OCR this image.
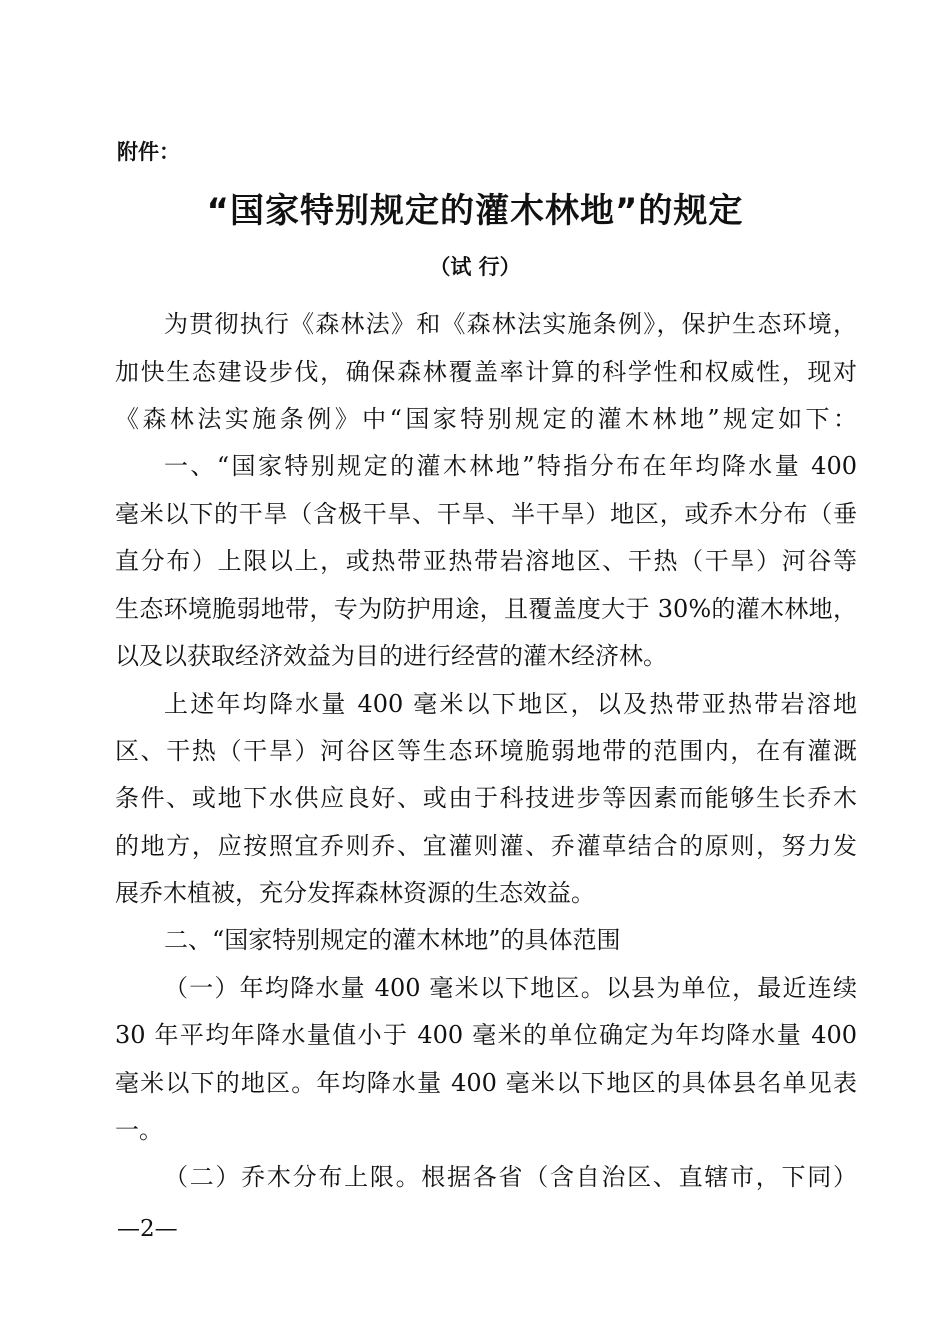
附件：
“国家特别规定的灌木林地”的规定
（试 行）
为贯彻执行《森林法》和《森林法实施条例》，保护生态环境，
加快生态建设步伐，确保森林覆盖率计算的科学性和权威性，现对
《森林法实施条例》中“国家特别规定的灌木林地”规定如下：
一、“国家特别规定的灌木林地”特指分布在年均降水量 400
毫米以下的干旱（含极干旱、干旱、半干旱）地区，或乔木分布（垂
直分布）上限以上，或热带亚热带岩溶地区、干热（干旱）河谷等
生态环境脆弱地带，专为防护用途，且覆盖度大于 30%的灌木林地，
以及以获取经济效益为目的进行经营的灌木经济林。
上述年均降水量 400 毫米以下地区，以及热带亚热带岩溶地
区、干热（干旱）河谷区等生态环境脆弱地带的范围内，在有灌溉
条件、或地下水供应良好、或由于科技进步等因素而能够生长乔木
的地方，应按照宜乔则乔、宜灌则灌、乔灌草结合的原则，努力发
展乔木植被，充分发挥森林资源的生态效益。
二、“国家特别规定的灌木林地”的具体范围
（一）年均降水量 400 毫米以下地区。以县为单位，最近连续
30 年平均年降水量值小于 400 毫米的单位确定为年均降水量 400
毫米以下的地区。年均降水量 400 毫米以下地区的具体县名单见表
一。
（二）乔木分布上限。根据各省（含自治区、直辖市，下同）
—2—
